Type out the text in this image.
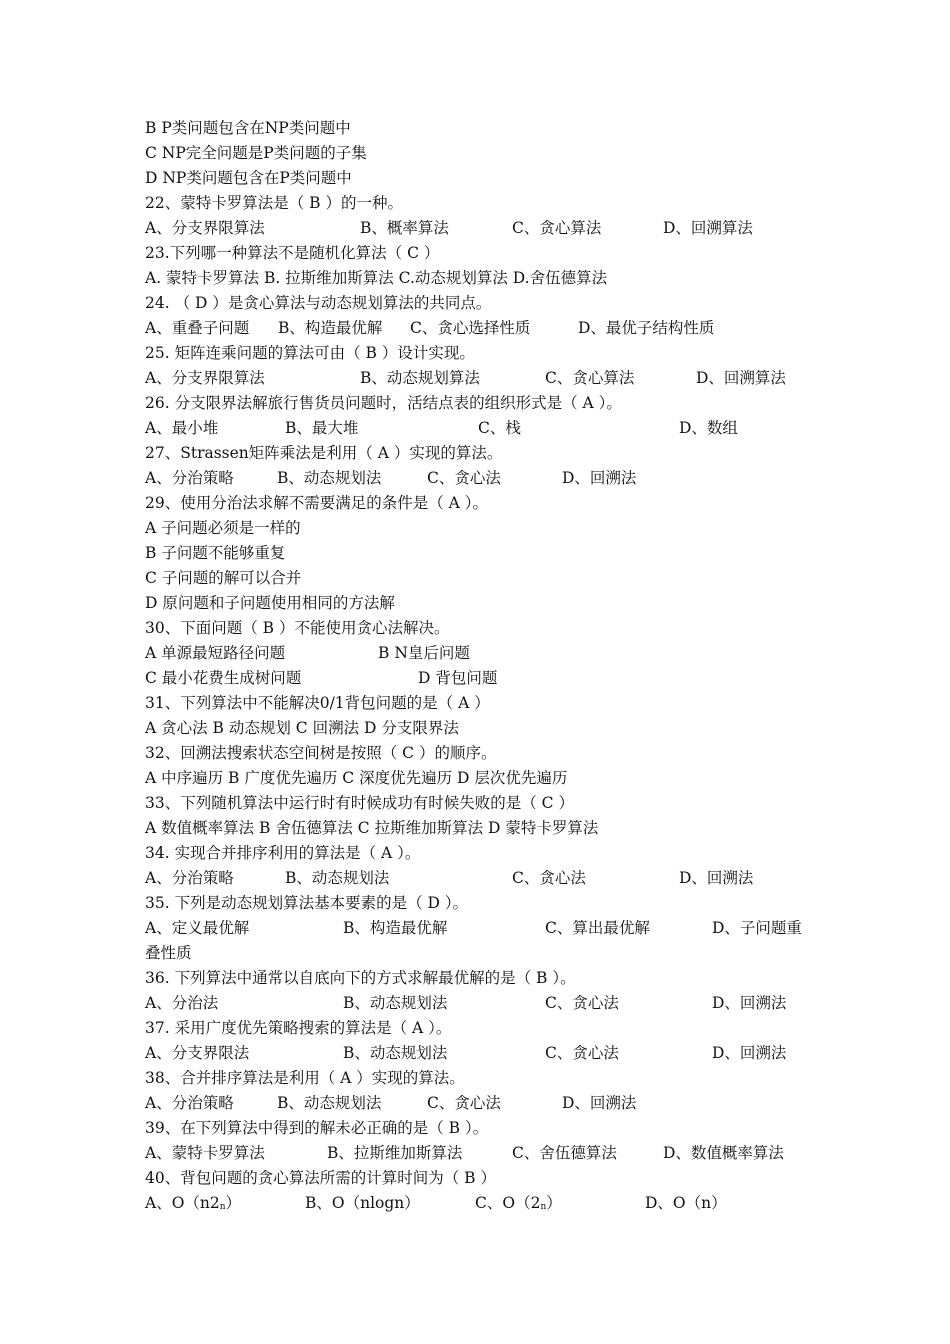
B P类问题包含在NP类问题中
C NP完全问题是P类问题的子集
D NP类问题包含在P类问题中
22、蒙特卡罗算法是（ B ）的一种。
A、分支界限算法	B、概率算法	C、贪心算法	D、回溯算法
23.下列哪一种算法不是随机化算法（ C ）
A. 蒙特卡罗算法 B. 拉斯维加斯算法 C.动态规划算法 D.舍伍德算法
24. （ D ）是贪心算法与动态规划算法的共同点。
A、重叠子问题 B、构造最优解 C、贪心选择性质	D、最优子结构性质
25. 矩阵连乘问题的算法可由（ B ）设计实现。
A、分支界限算法	B、动态规划算法	C、贪心算法	D、回溯算法
26. 分支限界法解旅行售货员问题时，活结点表的组织形式是（ A ）。
A、最小堆	B、最大堆	C、栈	D、数组
27、Strassen矩阵乘法是利用（ A ）实现的算法。
A、分治策略	B、动态规划法	C、贪心法	D、回溯法
29、使用分治法求解不需要满足的条件是（ A ）。
A 子问题必须是一样的
B 子问题不能够重复
C 子问题的解可以合并
D 原问题和子问题使用相同的方法解
30、下面问题（ B ）不能使用贪心法解决。
A 单源最短路径问题	B N皇后问题
C 最小花费生成树问题	D 背包问题
31、下列算法中不能解决0/1背包问题的是（ A ）
A 贪心法 B 动态规划 C 回溯法 D 分支限界法
32、回溯法搜索状态空间树是按照（ C ）的顺序。
A 中序遍历 B 广度优先遍历 C 深度优先遍历 D 层次优先遍历
33、下列随机算法中运行时有时候成功有时候失败的是（ C ）
A 数值概率算法 B 舍伍德算法 C 拉斯维加斯算法 D 蒙特卡罗算法
34. 实现合并排序利用的算法是（ A ）。
A、分治策略	B、动态规划法	C、贪心法	D、回溯法
35. 下列是动态规划算法基本要素的是（ D ）。
A、定义最优解	B、构造最优解	C、算出最优解	D、子问题重
叠性质
36. 下列算法中通常以自底向下的方式求解最优解的是（ B ）。
A、分治法	B、动态规划法	C、贪心法	D、回溯法
37. 采用广度优先策略搜索的算法是（ A ）。
A、分支界限法	B、动态规划法	C、贪心法	D、回溯法
38、合并排序算法是利用（ A ）实现的算法。
A、分治策略	B、动态规划法	C、贪心法	D、回溯法
39、在下列算法中得到的解未必正确的是（ B ）。
A、蒙特卡罗算法	B、拉斯维加斯算法	C、舍伍德算法	D、数值概率算法
40、背包问题的贪心算法所需的计算时间为（ B ）
A、$O(n2_n)$	B、O（nlogn）	C、$O(2_n)$	D、O（n）
